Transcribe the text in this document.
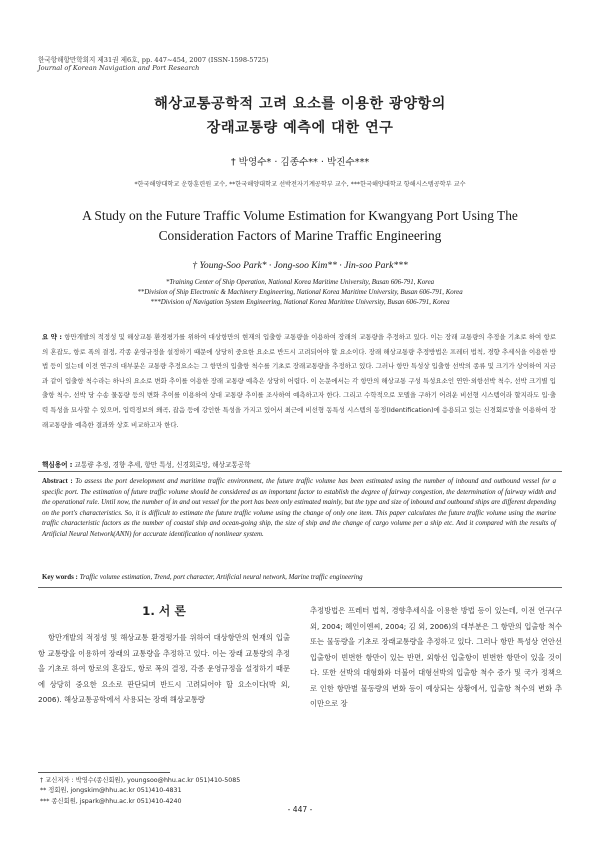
한국항해항만학회지 제31권 제6호, pp. 447~454, 2007 (ISSN-1598-5725)
Journal of Korean Navigation and Port Research
해상교통공학적 고려 요소를 이용한 광양항의
장래교통량 예측에 대한 연구
† 박영수* · 김종수** · 박진수***
*한국해양대학교 운항훈련원 교수, **한국해양대학교 선박전자기계공학부 교수, ***한국해양대학교 항해시스템공학부 교수
A Study on the Future Traffic Volume Estimation for Kwangyang Port Using The
Consideration Factors of Marine Traffic Engineering
† Young-Soo Park* · Jong-soo Kim** · Jin-soo Park***
*Training Center of Ship Operation, National Korea Maritime University, Busan 606-791, Korea
**Division of Ship Electronic & Machinery Engineering, National Korea Maritime University, Busan 606-791, Korea
***Division of Navigation System Engineering, National Korea Maritime University, Busan 606-791, Korea
요 약 : 항만개발의 적정성 및 해상교통 환경평가를 위하여 대상항만의 현재의 입출항 교통량을 이용하여 장래의 교통량을 추정하고 있다. 이는 장래 교통량의 추정을 기초로 하여 항로의 혼잡도, 항로 폭의 결정, 각종 운영규정을 설정하기 때문에 상당히 중요한 요소로 반드시 고려되어야 할 요소이다. 장래 해상교통량 추정방법은 프레터 법칙, 경향 추세식을 이용한 방법 등이 있는데 이전 연구의 대부분은 교통량 추정요소는 그 항만의 입출항 척수를 기초로 장래교통량을 추정하고 있다. 그러나 항만 특성상 입출항 선박의 종류 및 크기가 상이하여 지금과 같이 입출항 척수라는 하나의 요소로 변화 추이를 이용한 장래 교통량 예측은 상당히 어렵다. 이 논문에서는 각 항만의 해상교통 구성 특성요소인 연안·외항선박 척수, 선박 크기별 입출항 척수, 선박 당 수송 물동량 등의 변화 추이를 이용하여 상대 교통량 추이를 조사하여 예측하고자 한다. 그리고 수학적으로 모델을 구하기 어려운 비선형 시스템이라 할지라도 입·출력 특성을 묘사할 수 있으며, 입력정보의 왜곡, 잡음 등에 강인한 특성을 가지고 있어서 최근에 비선형 동특성 시스템의 동정(Identification)에 응용되고 있는 신경회로망을 이용하여 장래교통량을 예측한 결과와 상호 비교하고자 한다.
핵심용어 : 교통량 추정, 경향 추세, 항만 특성, 신경회로망, 해상교통공학
Abstract : To assess the port development and maritime traffic environment, the future traffic volume has been estimated using the number of inbound and outbound vessel for a specific port. The estimation of future traffic volume should be considered as an important factor to establish the degree of fairway congestion, the determination of fairway width and the operational rule. Until now, the number of in and out vessel for the port has been only estimated mainly, but the type and size of inbound and outbound ships are different depending on the port's characteristics. So, it is difficult to estimate the future traffic volume using the change of only one item. This paper calculates the future traffic volume using the marine traffic characteristic factors as the number of coastal ship and ocean-going ship, the size of ship and the change of cargo volume per a ship etc. And it compared with the results of Artificial Neural Network(ANN) for accurate identification of nonlinear system.
Key words : Traffic volume estimation, Trend, port character, Artificial neural network, Marine traffic engineering
1. 서 론

항만개발의 적정성 및 해상교통 환경평가를 위하여 대상항만의 현재의 입출항 교통량을 이용하여 장래의 교통량을 추정하고 있다. 이는 장래 교통량의 추정을 기초로 하여 항로의 혼잡도, 항로 폭의 결정, 각종 운영규정을 설정하기 때문에 상당히 중요한 요소로 판단되며 반드시 고려되어야 할 요소이다(박 외, 2006). 해상교통공학에서 사용되는 장래 해상교통량

추정방법은 프레터 법칙, 경향추세식을 이용한 방법 등이 있는데, 이전 연구(구 외, 2004; 혜인이엔씨, 2004; 김 외, 2006)의 대부분은 그 항만의 입출항 척수 또는 물동량을 기초로 장래교통량을 추정하고 있다. 그러나 항만 특성상 연안선 입출항이 빈번한 항만이 있는 반면, 외항선 입출항이 빈번한 항만이 있을 것이다. 또한 선박의 대형화와 더불어 대형선박의 입출항 척수 증가 및 국가 정책으로 인한 항만별 물동량의 변화 등이 예상되는 상황에서, 입출항 척수의 변화 추이만으로 장

† 교신저자 : 박영수(종신회원), youngsoo@hhu.ac.kr 051)410-5085
** 정회원, jongskim@hhu.ac.kr 051)410-4831
*** 종신회원, jspark@hhu.ac.kr 051)410-4240
- 447 -
